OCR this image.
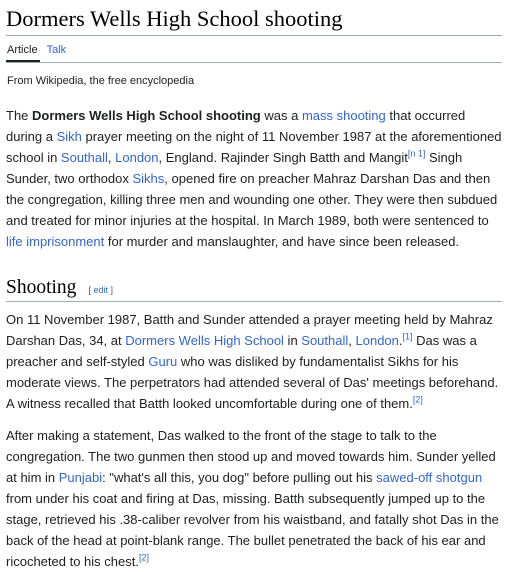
Dormers Wells High School shooting
Article Talk
From Wikipedia, the free encyclopedia

The Dormers Wells High School shooting was a mass shooting that occurred during a Sikh prayer meeting on the night of 11 November 1987 at the aforementioned school in Southall, London, England. Rajinder Singh Batth and Mangit[n 1] Singh Sunder, two orthodox Sikhs, opened fire on preacher Mahraz Darshan Das and then the congregation, killing three men and wounding one other. They were then subdued and treated for minor injuries at the hospital. In March 1989, both were sentenced to life imprisonment for murder and manslaughter, and have since been released.

Shooting [ edit ]

On 11 November 1987, Batth and Sunder attended a prayer meeting held by Mahraz Darshan Das, 34, at Dormers Wells High School in Southall, London.[1] Das was a preacher and self-styled Guru who was disliked by fundamentalist Sikhs for his moderate views. The perpetrators had attended several of Das' meetings beforehand. A witness recalled that Batth looked uncomfortable during one of them.[2]

After making a statement, Das walked to the front of the stage to talk to the congregation. The two gunmen then stood up and moved towards him. Sunder yelled at him in Punjabi: "what's all this, you dog" before pulling out his sawed-off shotgun from under his coat and firing at Das, missing. Batth subsequently jumped up to the stage, retrieved his .38-caliber revolver from his waistband, and fatally shot Das in the back of the head at point-blank range. The bullet penetrated the back of his ear and ricocheted to his chest.[2]
